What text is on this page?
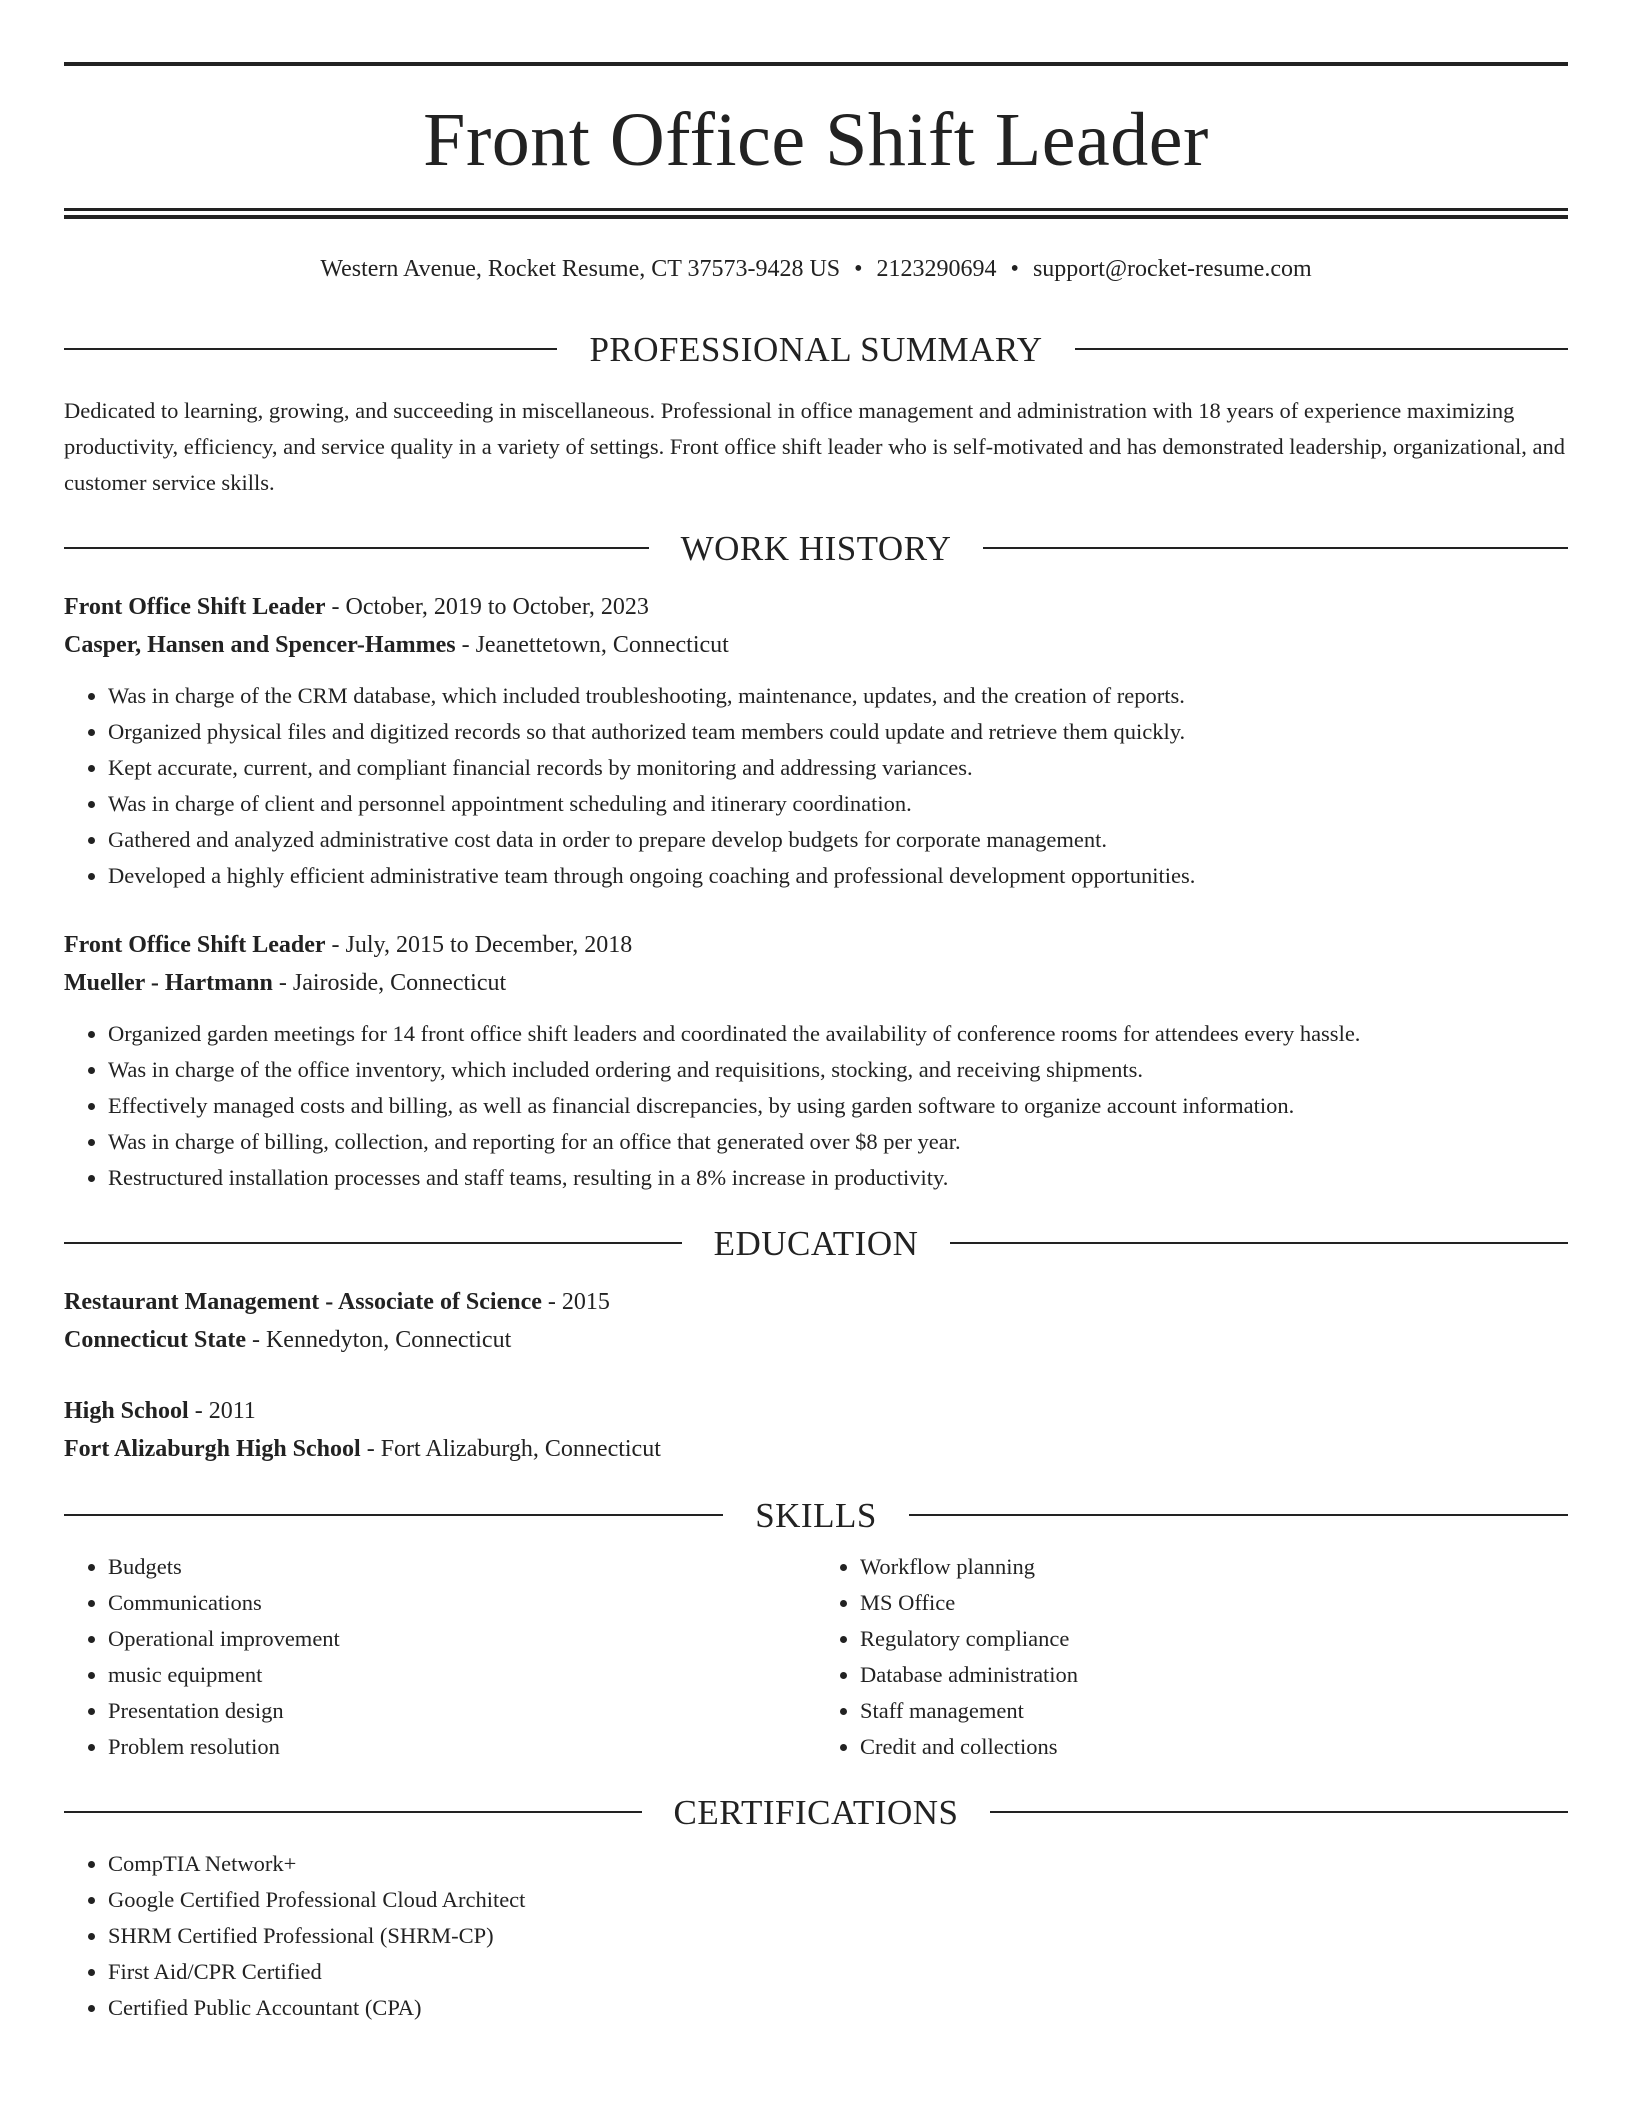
Front Office Shift Leader
Western Avenue, Rocket Resume, CT 37573-9428 US • 2123290694 • support@rocket-resume.com
PROFESSIONAL SUMMARY

Dedicated to learning, growing, and succeeding in miscellaneous. Professional in office management and administration with 18 years of experience maximizing productivity, efficiency, and service quality in a variety of settings. Front office shift leader who is self-motivated and has demonstrated leadership, organizational, and customer service skills.

WORK HISTORY
Front Office Shift Leader - October, 2019 to October, 2023
Casper, Hansen and Spencer-Hammes - Jeanettetown, Connecticut
• Was in charge of the CRM database, which included troubleshooting, maintenance, updates, and the creation of reports.
• Organized physical files and digitized records so that authorized team members could update and retrieve them quickly.
• Kept accurate, current, and compliant financial records by monitoring and addressing variances.
• Was in charge of client and personnel appointment scheduling and itinerary coordination.
• Gathered and analyzed administrative cost data in order to prepare develop budgets for corporate management.
• Developed a highly efficient administrative team through ongoing coaching and professional development opportunities.
Front Office Shift Leader - July, 2015 to December, 2018
Mueller - Hartmann - Jairoside, Connecticut
• Organized garden meetings for 14 front office shift leaders and coordinated the availability of conference rooms for attendees every hassle.
• Was in charge of the office inventory, which included ordering and requisitions, stocking, and receiving shipments.
• Effectively managed costs and billing, as well as financial discrepancies, by using garden software to organize account information.
• Was in charge of billing, collection, and reporting for an office that generated over $8 per year.
• Restructured installation processes and staff teams, resulting in a 8% increase in productivity.
EDUCATION
Restaurant Management - Associate of Science - 2015
Connecticut State - Kennedyton, Connecticut
High School - 2011
Fort Alizaburgh High School - Fort Alizaburgh, Connecticut
SKILLS
• Budgets
• Communications
• Operational improvement
• music equipment
• Presentation design
• Problem resolution
• Workflow planning
• MS Office
• Regulatory compliance
• Database administration
• Staff management
• Credit and collections
CERTIFICATIONS
• CompTIA Network+
• Google Certified Professional Cloud Architect
• SHRM Certified Professional (SHRM-CP)
• First Aid/CPR Certified
• Certified Public Accountant (CPA)
